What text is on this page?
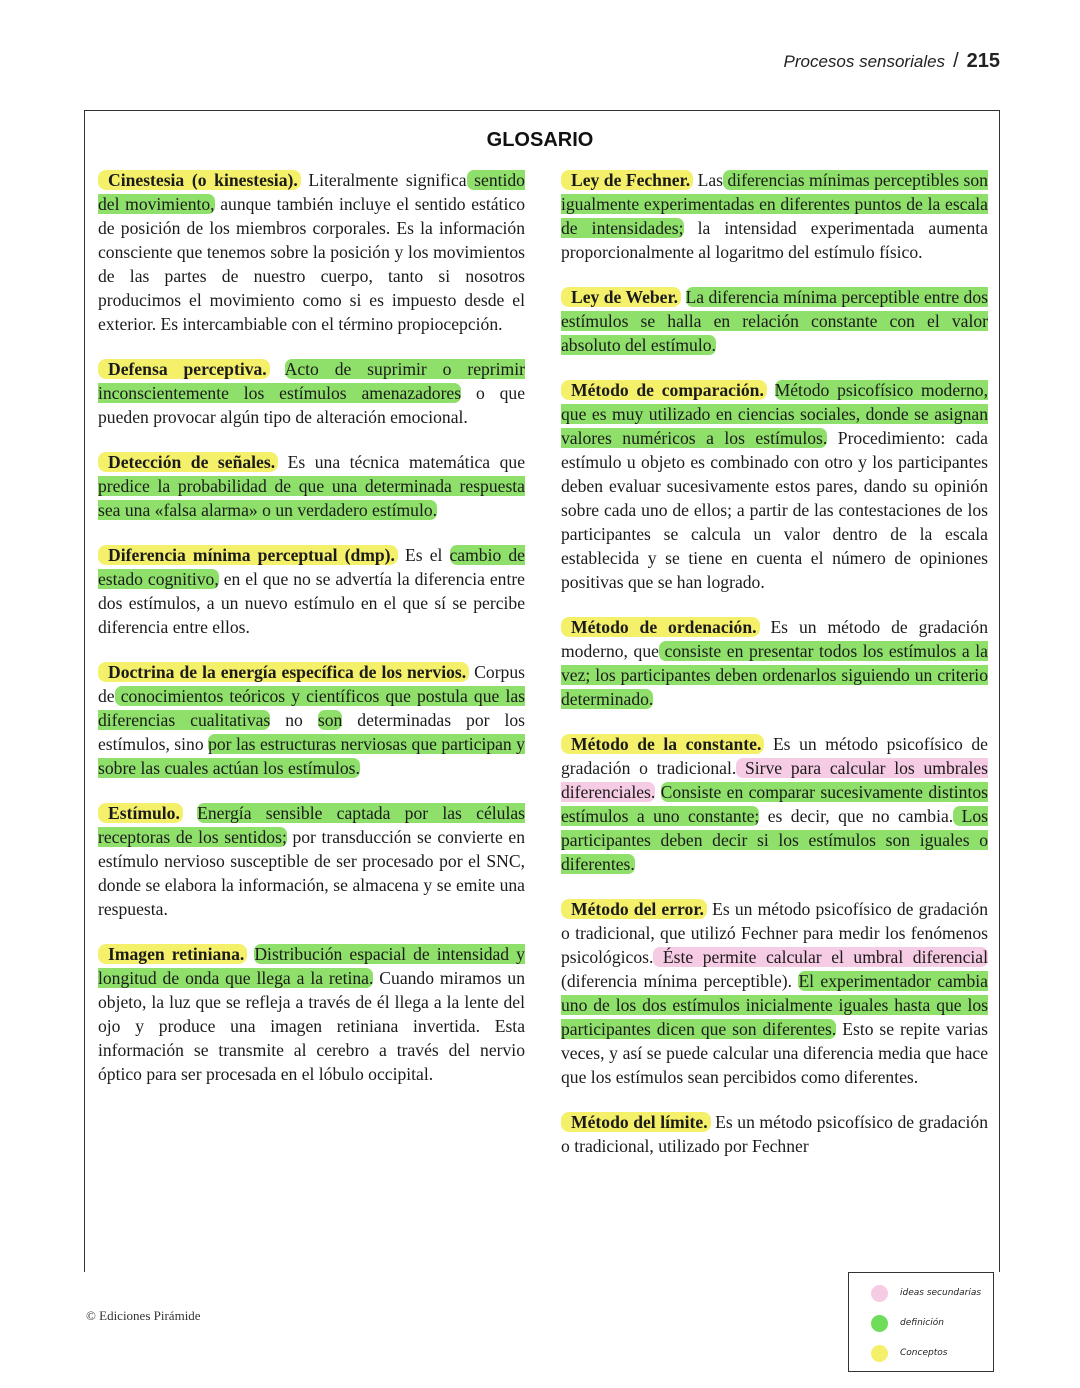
Procesos sensoriales / 215
GLOSARIO

Cinestesia (o kinestesia). Literalmente significa sentido del movimiento, aunque también incluye el sentido estático de posición de los miembros corporales. Es la información consciente que tenemos sobre la posición y los movimientos de las partes de nuestro cuerpo, tanto si nosotros producimos el movimiento como si es impuesto desde el exterior. Es intercambiable con el término propiocepción.

Defensa perceptiva. Acto de suprimir o reprimir inconscientemente los estímulos amenazadores o que pueden provocar algún tipo de alteración emocional.

Detección de señales. Es una técnica matemática que predice la probabilidad de que una determinada respuesta sea una «falsa alarma» o un verdadero estímulo.

Diferencia mínima perceptual (dmp). Es el cambio de estado cognitivo, en el que no se advertía la diferencia entre dos estímulos, a un nuevo estímulo en el que sí se percibe diferencia entre ellos.

Doctrina de la energía específica de los nervios. Corpus de conocimientos teóricos y científicos que postula que las diferencias cualitativas no son determinadas por los estímulos, sino por las estructuras nerviosas que participan y sobre las cuales actúan los estímulos.

Estímulo. Energía sensible captada por las células receptoras de los sentidos; por transducción se convierte en estímulo nervioso susceptible de ser procesado por el SNC, donde se elabora la información, se almacena y se emite una respuesta.

Imagen retiniana. Distribución espacial de intensidad y longitud de onda que llega a la retina. Cuando miramos un objeto, la luz que se refleja a través de él llega a la lente del ojo y produce una imagen retiniana invertida. Esta información se transmite al cerebro a través del nervio óptico para ser procesada en el lóbulo occipital.

Ley de Fechner. Las diferencias mínimas perceptibles son igualmente experimentadas en diferentes puntos de la escala de intensidades; la intensidad experimentada aumenta proporcionalmente al logaritmo del estímulo físico.

Ley de Weber. La diferencia mínima perceptible entre dos estímulos se halla en relación constante con el valor absoluto del estímulo.

Método de comparación. Método psicofísico moderno, que es muy utilizado en ciencias sociales, donde se asignan valores numéricos a los estímulos. Procedimiento: cada estímulo u objeto es combinado con otro y los participantes deben evaluar sucesivamente estos pares, dando su opinión sobre cada uno de ellos; a partir de las contestaciones de los participantes se calcula un valor dentro de la escala establecida y se tiene en cuenta el número de opiniones positivas que se han logrado.

Método de ordenación. Es un método de gradación moderno, que consiste en presentar todos los estímulos a la vez; los participantes deben ordenarlos siguiendo un criterio determinado.

Método de la constante. Es un método psicofísico de gradación o tradicional. Sirve para calcular los umbrales diferenciales. Consiste en comparar sucesivamente distintos estímulos a uno constante; es decir, que no cambia. Los participantes deben decir si los estímulos son iguales o diferentes.

Método del error. Es un método psicofísico de gradación o tradicional, que utilizó Fechner para medir los fenómenos psicológicos. Éste permite calcular el umbral diferencial (diferencia mínima perceptible). El experimentador cambia uno de los dos estímulos inicialmente iguales hasta que los participantes dicen que son diferentes. Esto se repite varias veces, y así se puede calcular una diferencia media que hace que los estímulos sean percibidos como diferentes.

Método del límite. Es un método psicofísico de gradación o tradicional, utilizado por Fechner

© Ediciones Pirámide
ideas secundarias
definición
Conceptos
